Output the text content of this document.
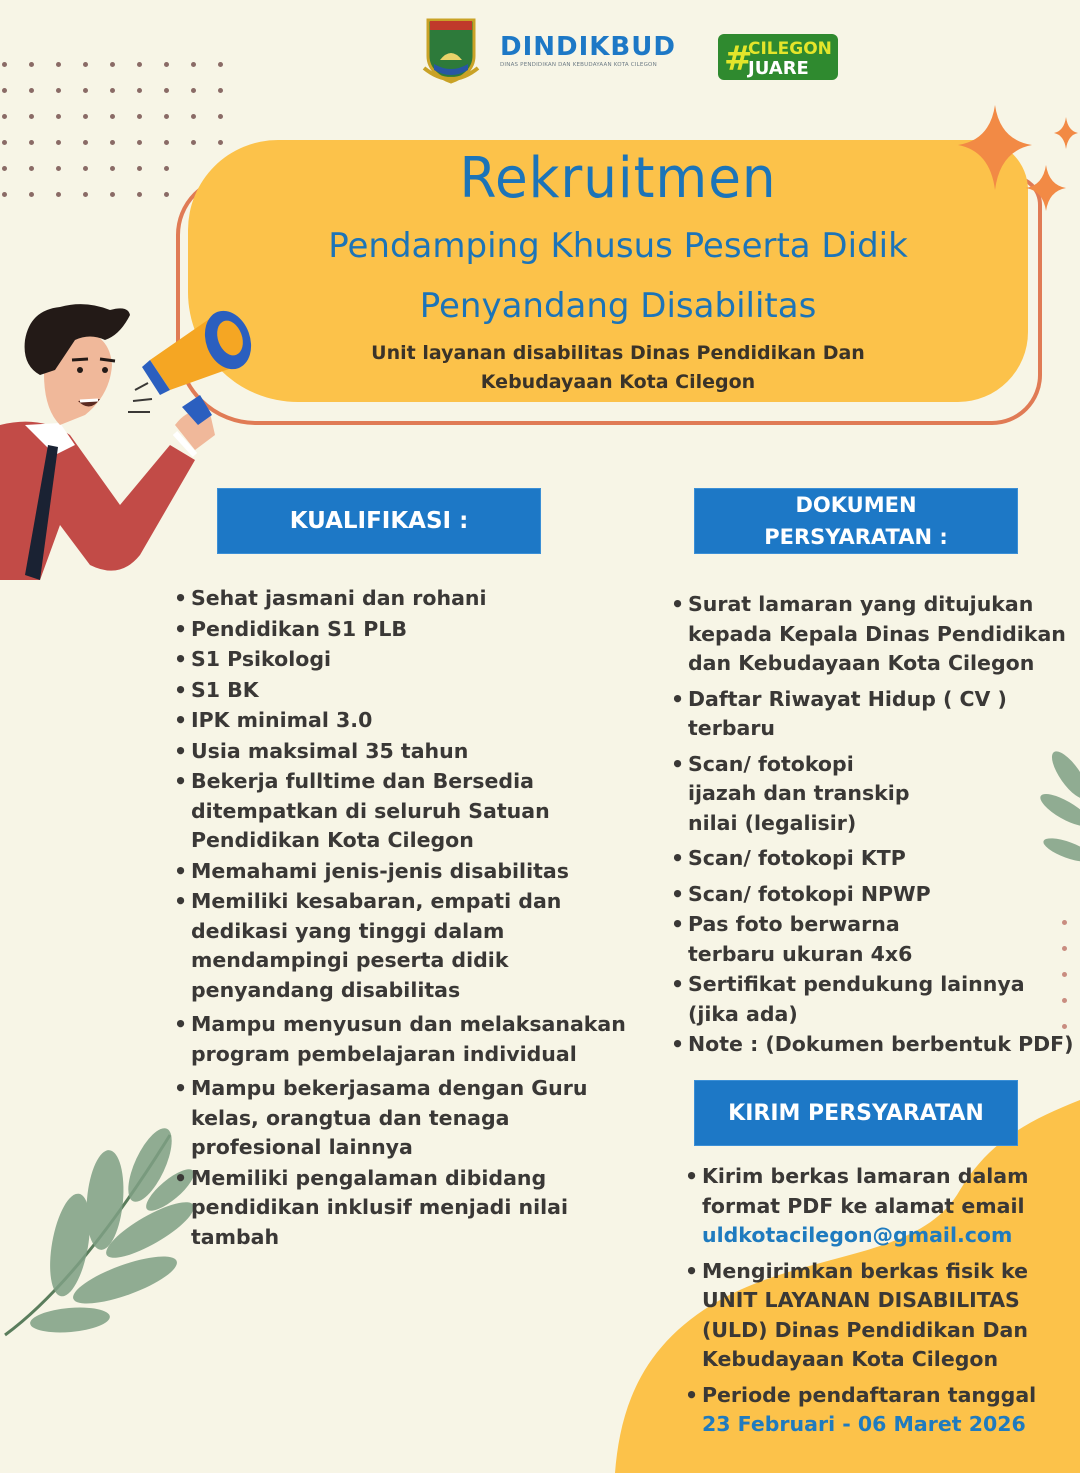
DINDIKBUD
DINAS PENDIDIKAN DAN KEBUDAYAAN KOTA CILEGON	#
CILEGON
JUARE
Rekruitmen
Pendamping Khusus Peserta Didik
Penyandang Disabilitas
Unit layanan disabilitas Dinas Pendidikan Dan
Kebudayaan Kota Cilegon
KUALIFIKASI :
• Sehat jasmani dan rohani
• Pendidikan S1 PLB
• S1 Psikologi
• S1 BK
• IPK minimal 3.0
• Usia maksimal 35 tahun
• Bekerja fulltime dan Bersedia ditempatkan di seluruh Satuan Pendidikan Kota Cilegon
• Memahami jenis-jenis disabilitas
• Memiliki kesabaran, empati dan dedikasi yang tinggi dalam mendampingi peserta didik penyandang disabilitas
• Mampu menyusun dan melaksanakan program pembelajaran individual
• Mampu bekerjasama dengan Guru kelas, orangtua dan tenaga profesional lainnya
• Memiliki pengalaman dibidang pendidikan inklusif menjadi nilai tambah
DOKUMEN
PERSYARATAN :
• Surat lamaran yang ditujukan kepada Kepala Dinas Pendidikan dan Kebudayaan Kota Cilegon
• Daftar Riwayat Hidup ( CV ) terbaru
• Scan/ fotokopi ijazah dan transkip nilai (legalisir)
• Scan/ fotokopi KTP
• Scan/ fotokopi NPWP
• Pas foto berwarna terbaru ukuran 4x6
• Sertifikat pendukung lainnya (jika ada)
• Note : (Dokumen berbentuk PDF)
KIRIM PERSYARATAN
• Kirim berkas lamaran dalam format PDF ke alamat email
uldkotacilegon@gmail.com
• Mengirimkan berkas fisik ke UNIT LAYANAN DISABILITAS (ULD) Dinas Pendidikan Dan Kebudayaan Kota Cilegon
• Periode pendaftaran tanggal
23 Februari - 06 Maret 2026
